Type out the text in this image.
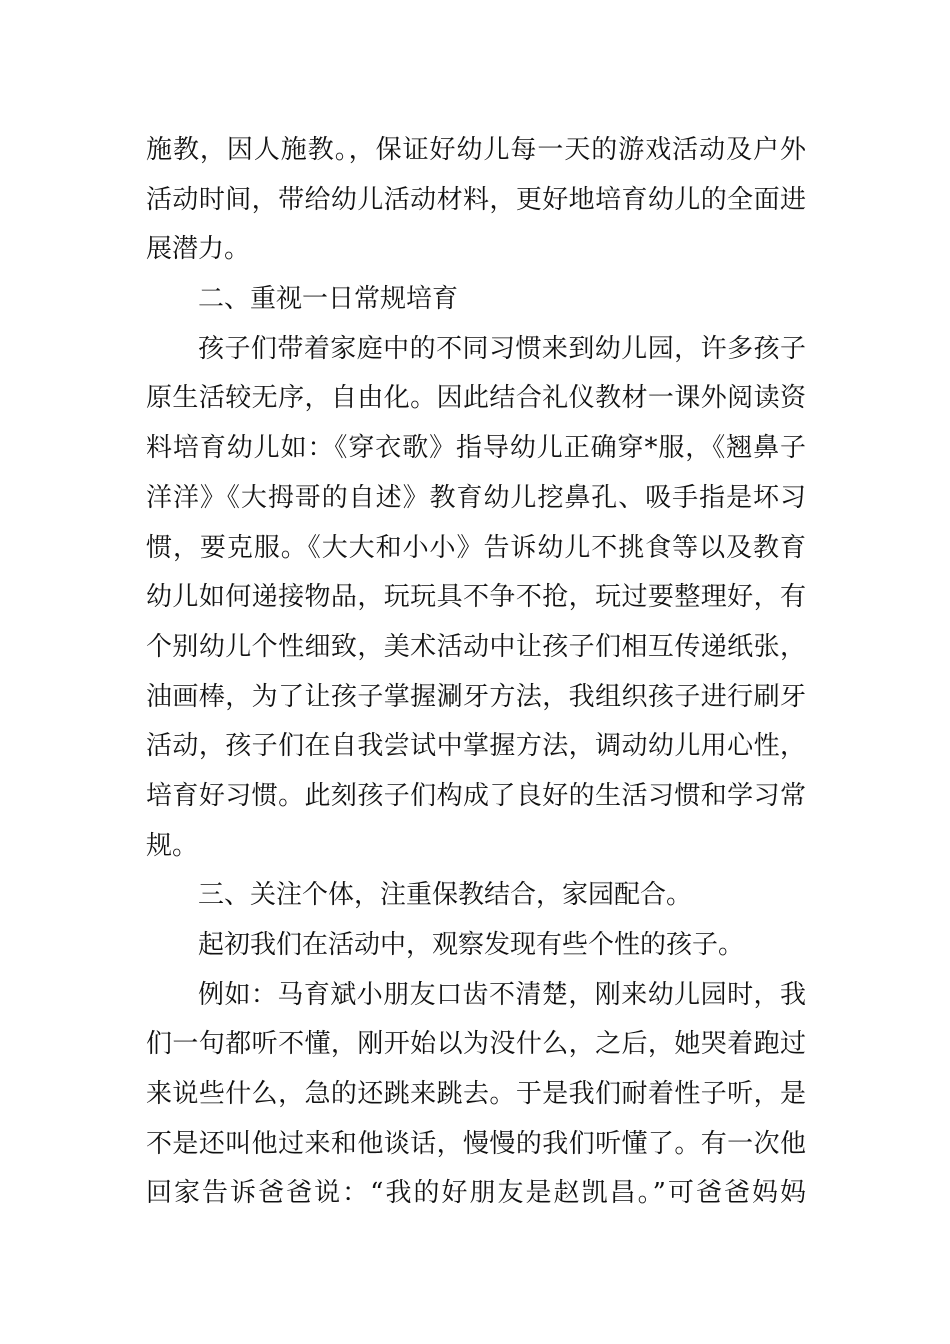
施教，因人施教。，保证好幼儿每一天的游戏活动及户外
活动时间，带给幼儿活动材料，更好地培育幼儿的全面进
展潜力。
二、重视一日常规培育
孩子们带着家庭中的不同习惯来到幼儿园，许多孩子
原生活较无序，自由化。因此结合礼仪教材一课外阅读资
料培育幼儿如：《穿衣歌》指导幼儿正确穿*服，《翘鼻子
洋洋》《大拇哥的自述》教育幼儿挖鼻孔、吸手指是坏习
惯，要克服。《大大和小小》告诉幼儿不挑食等以及教育
幼儿如何递接物品，玩玩具不争不抢，玩过要整理好，有
个别幼儿个性细致，美术活动中让孩子们相互传递纸张，
油画棒，为了让孩子掌握涮牙方法，我组织孩子进行刷牙
活动，孩子们在自我尝试中掌握方法，调动幼儿用心性，
培育好习惯。此刻孩子们构成了良好的生活习惯和学习常
规。
三、关注个体，注重保教结合，家园配合。
起初我们在活动中，观察发现有些个性的孩子。
例如：马育斌小朋友口齿不清楚，刚来幼儿园时，我
们一句都听不懂，刚开始以为没什么，之后，她哭着跑过
来说些什么，急的还跳来跳去。于是我们耐着性子听，是
不是还叫他过来和他谈话，慢慢的我们听懂了。有一次他
回家告诉爸爸说：“我的好朋友是赵凯昌。”可爸爸妈妈
